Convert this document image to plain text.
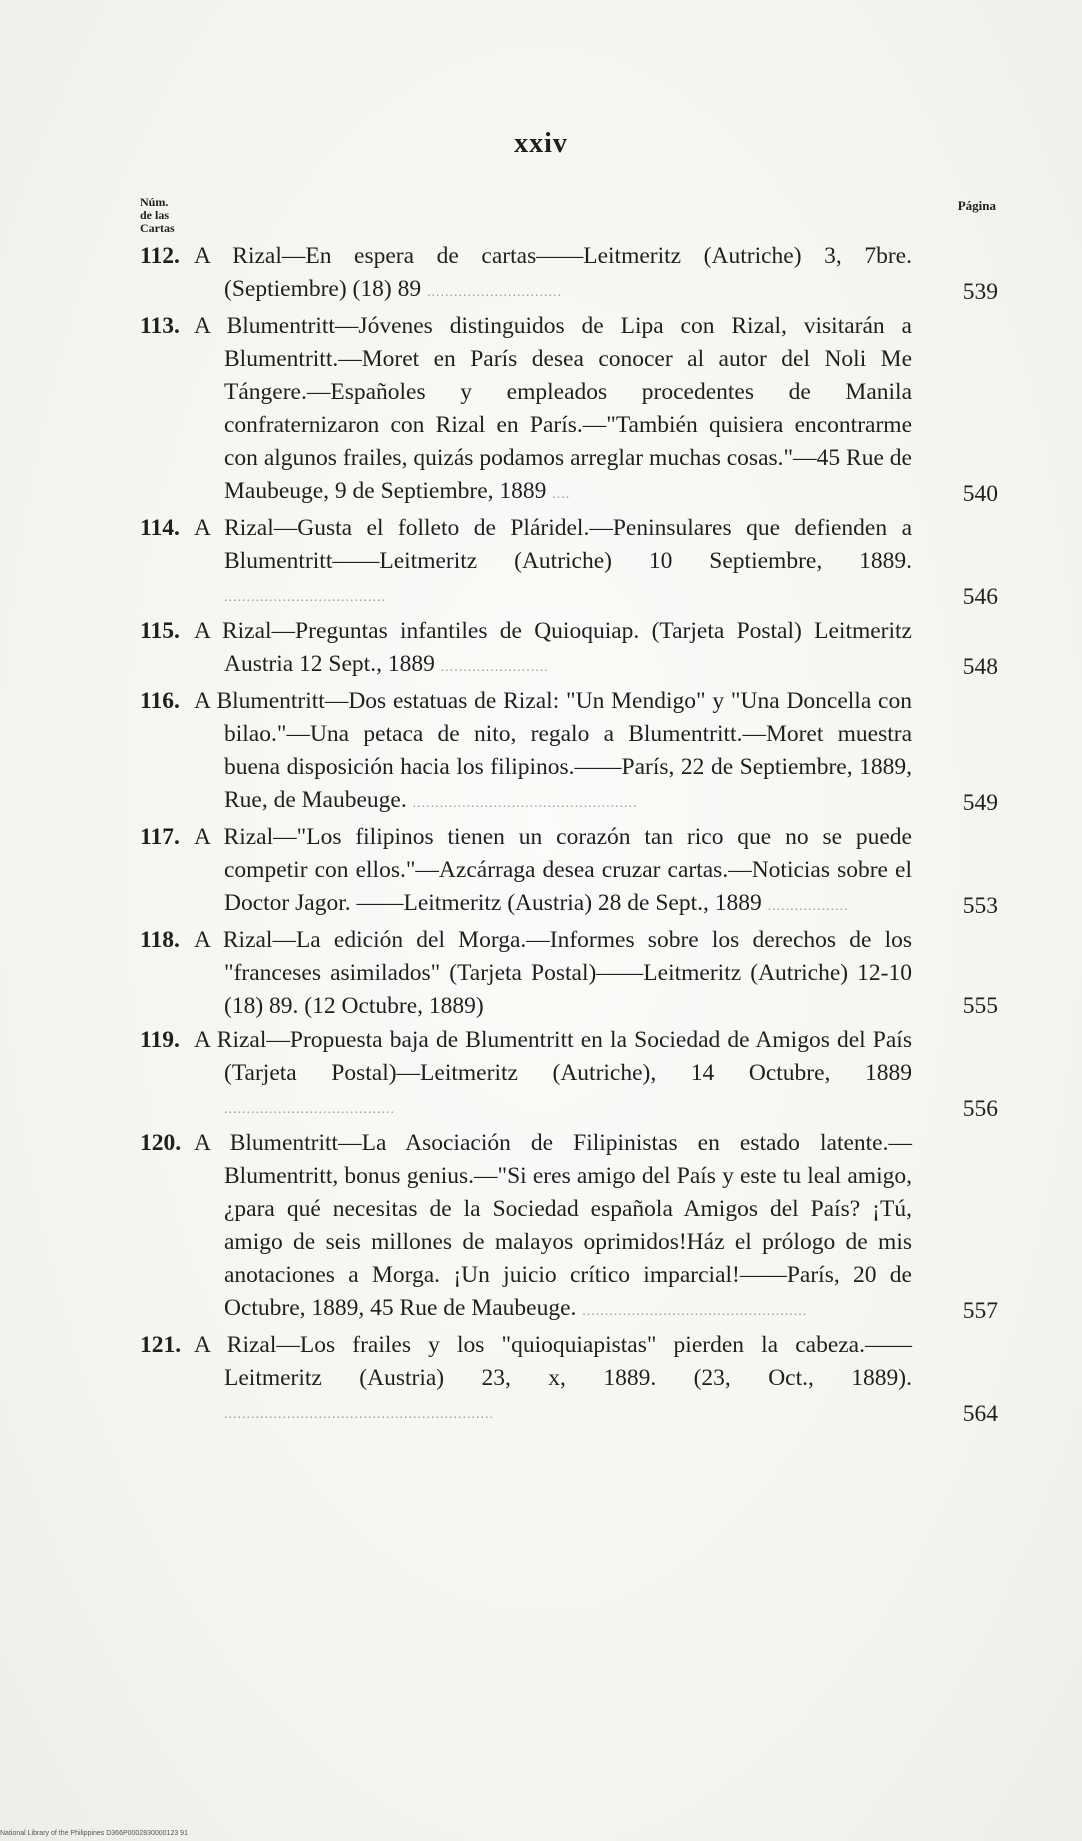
xxiv
Núm.
de las
Cartas
Página
112. A Rizal—En espera de cartas——Leitmeritz (Autriche) 3, 7bre. (Septiembre) (18) 89 ..............................	539
113. A Blumentritt—Jóvenes distinguidos de Lipa con Rizal, visitarán a Blumentritt.—Moret en París desea conocer al autor del Noli Me Tángere.—Españoles y empleados procedentes de Manila confraternizaron con Rizal en París.—"También quisiera encontrarme con algunos frailes, quizás podamos arreglar muchas cosas."—45 Rue de Maubeuge, 9 de Septiembre, 1889 ....	540
114. A Rizal—Gusta el folleto de Pláridel.—Peninsulares que defienden a Blumentritt——Leitmeritz (Autriche) 10 Septiembre, 1889. ....................................	546
115. A Rizal—Preguntas infantiles de Quioquiap. (Tarjeta Postal) Leitmeritz Austria 12 Sept., 1889 ........................	548
116. A Blumentritt—Dos estatuas de Rizal: "Un Mendigo" y "Una Doncella con bilao."—Una petaca de nito, regalo a Blumentritt.—Moret muestra buena disposición hacia los filipinos.——París, 22 de Septiembre, 1889, Rue, de Maubeuge. ..................................................	549
117. A Rizal—"Los filipinos tienen un corazón tan rico que no se puede competir con ellos."—Azcárraga desea cruzar cartas.—Noticias sobre el Doctor Jagor. ——Leitmeritz (Austria) 28 de Sept., 1889 ..................	553
118. A Rizal—La edición del Morga.—Informes sobre los derechos de los "franceses asimilados" (Tarjeta Postal)——Leitmeritz (Autriche) 12-10 (18) 89. (12 Octubre, 1889)	555
119. A Rizal—Propuesta baja de Blumentritt en la Sociedad de Amigos del País (Tarjeta Postal)—Leitmeritz (Autriche), 14 Octubre, 1889 ......................................	556
120. A Blumentritt—La Asociación de Filipinistas en estado latente.—Blumentritt, bonus genius.—"Si eres amigo del País y este tu leal amigo, ¿para qué necesitas de la Sociedad española Amigos del País? ¡Tú, amigo de seis millones de malayos oprimidos!Ház el prólogo de mis anotaciones a Morga. ¡Un juicio crítico imparcial!——París, 20 de Octubre, 1889, 45 Rue de Maubeuge. ..................................................	557
121. A Rizal—Los frailes y los "quioquiapistas" pierden la cabeza.——Leitmeritz (Austria) 23, x, 1889. (23, Oct., 1889). ............................................................	564
National Library of the Philippines D366P0002830000123 91
